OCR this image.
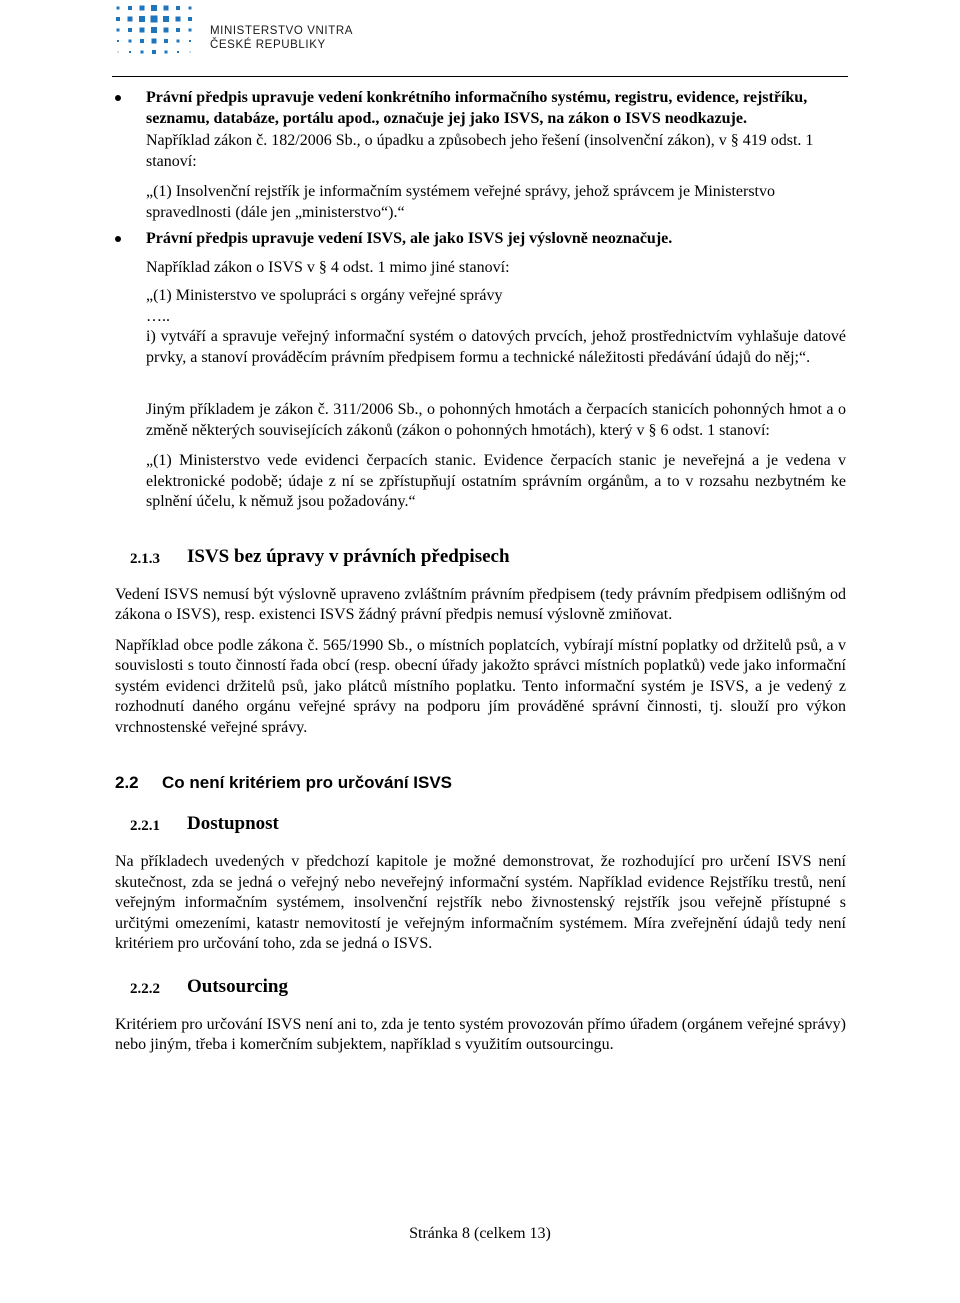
MINISTERSTVO VNITRA
ČESKÉ REPUBLIKY

Právní předpis upravuje vedení konkrétního informačního systému, registru, evidence, rejstříku, seznamu, databáze, portálu apod., označuje jej jako ISVS, na zákon o ISVS neodkazuje.

Například zákon č. 182/2006 Sb., o úpadku a způsobech jeho řešení (insolvenční zákon), v § 419 odst. 1 stanoví:

„(1) Insolvenční rejstřík je informačním systémem veřejné správy, jehož správcem je Ministerstvo spravedlnosti (dále jen „ministerstvo“).“

Právní předpis upravuje vedení ISVS, ale jako ISVS jej výslovně neoznačuje.

Například zákon o ISVS v § 4 odst. 1 mimo jiné stanoví:

„(1) Ministerstvo ve spolupráci s orgány veřejné správy

…..

i) vytváří a spravuje veřejný informační systém o datových prvcích, jehož prostřednictvím vyhlašuje datové prvky, a stanoví prováděcím právním předpisem formu a technické náležitosti předávání údajů do něj;“.

Jiným příkladem je zákon č. 311/2006 Sb., o pohonných hmotách a čerpacích stanicích pohonných hmot a o změně některých souvisejících zákonů (zákon o pohonných hmotách), který v § 6 odst. 1 stanoví:

„(1) Ministerstvo vede evidenci čerpacích stanic. Evidence čerpacích stanic je neveřejná a je vedena v elektronické podobě; údaje z ní se zpřístupňují ostatním správním orgánům, a to v rozsahu nezbytném ke splnění účelu, k němuž jsou požadovány.“

2.1.3 ISVS bez úpravy v právních předpisech

Vedení ISVS nemusí být výslovně upraveno zvláštním právním předpisem (tedy právním předpisem odlišným od zákona o ISVS), resp. existenci ISVS žádný právní předpis nemusí výslovně zmiňovat.

Například obce podle zákona č. 565/1990 Sb., o místních poplatcích, vybírají místní poplatky od držitelů psů, a v souvislosti s touto činností řada obcí (resp. obecní úřady jakožto správci místních poplatků) vede jako informační systém evidenci držitelů psů, jako plátců místního poplatku. Tento informační systém je ISVS, a je vedený z rozhodnutí daného orgánu veřejné správy na podporu jím prováděné správní činnosti, tj. slouží pro výkon vrchnostenské veřejné správy.

2.2 Co není kritériem pro určování ISVS
2.2.1 Dostupnost

Na příkladech uvedených v předchozí kapitole je možné demonstrovat, že rozhodující pro určení ISVS není skutečnost, zda se jedná o veřejný nebo neveřejný informační systém. Například evidence Rejstříku trestů, není veřejným informačním systémem, insolvenční rejstřík nebo živnostenský rejstřík jsou veřejně přístupné s určitými omezeními, katastr nemovitostí je veřejným informačním systémem. Míra zveřejnění údajů tedy není kritériem pro určování toho, zda se jedná o ISVS.

2.2.2 Outsourcing

Kritériem pro určování ISVS není ani to, zda je tento systém provozován přímo úřadem (orgánem veřejné správy) nebo jiným, třeba i komerčním subjektem, například s využitím outsourcingu.

Stránka 8 (celkem 13)
